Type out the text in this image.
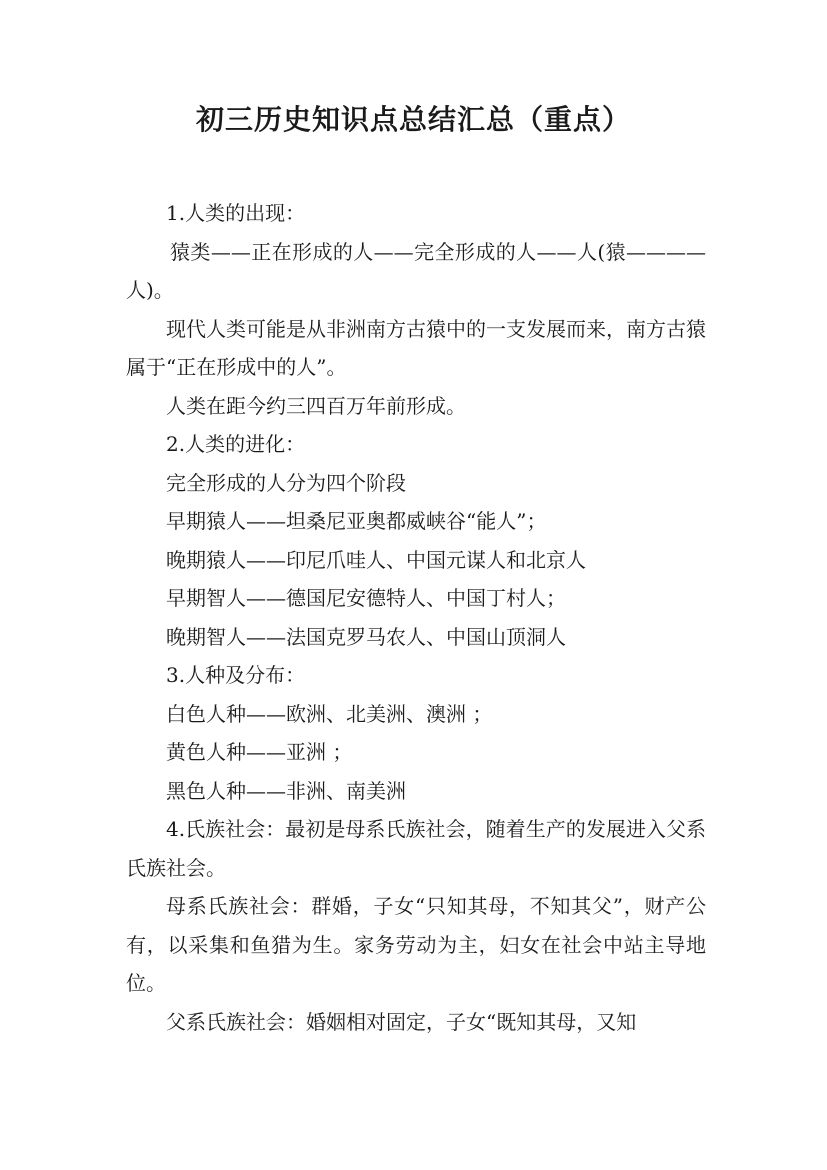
初三历史知识点总结汇总（重点）

1.人类的出现：

猿类——正在形成的人——完全形成的人——人(猿————人)。

现代人类可能是从非洲南方古猿中的一支发展而来，南方古猿属于“正在形成中的人”。

人类在距今约三四百万年前形成。

2.人类的进化：

完全形成的人分为四个阶段

早期猿人——坦桑尼亚奥都威峡谷“能人”；

晚期猿人——印尼爪哇人、中国元谋人和北京人

早期智人——德国尼安德特人、中国丁村人；

晚期智人——法国克罗马农人、中国山顶洞人

3.人种及分布：

白色人种——欧洲、北美洲、澳洲 ；

黄色人种——亚洲 ；

黑色人种——非洲、南美洲

4.氏族社会：最初是母系氏族社会，随着生产的发展进入父系氏族社会。

母系氏族社会：群婚，子女“只知其母，不知其父”，财产公有，以采集和鱼猎为生。家务劳动为主，妇女在社会中站主导地位。

父系氏族社会：婚姻相对固定，子女“既知其母，又知
